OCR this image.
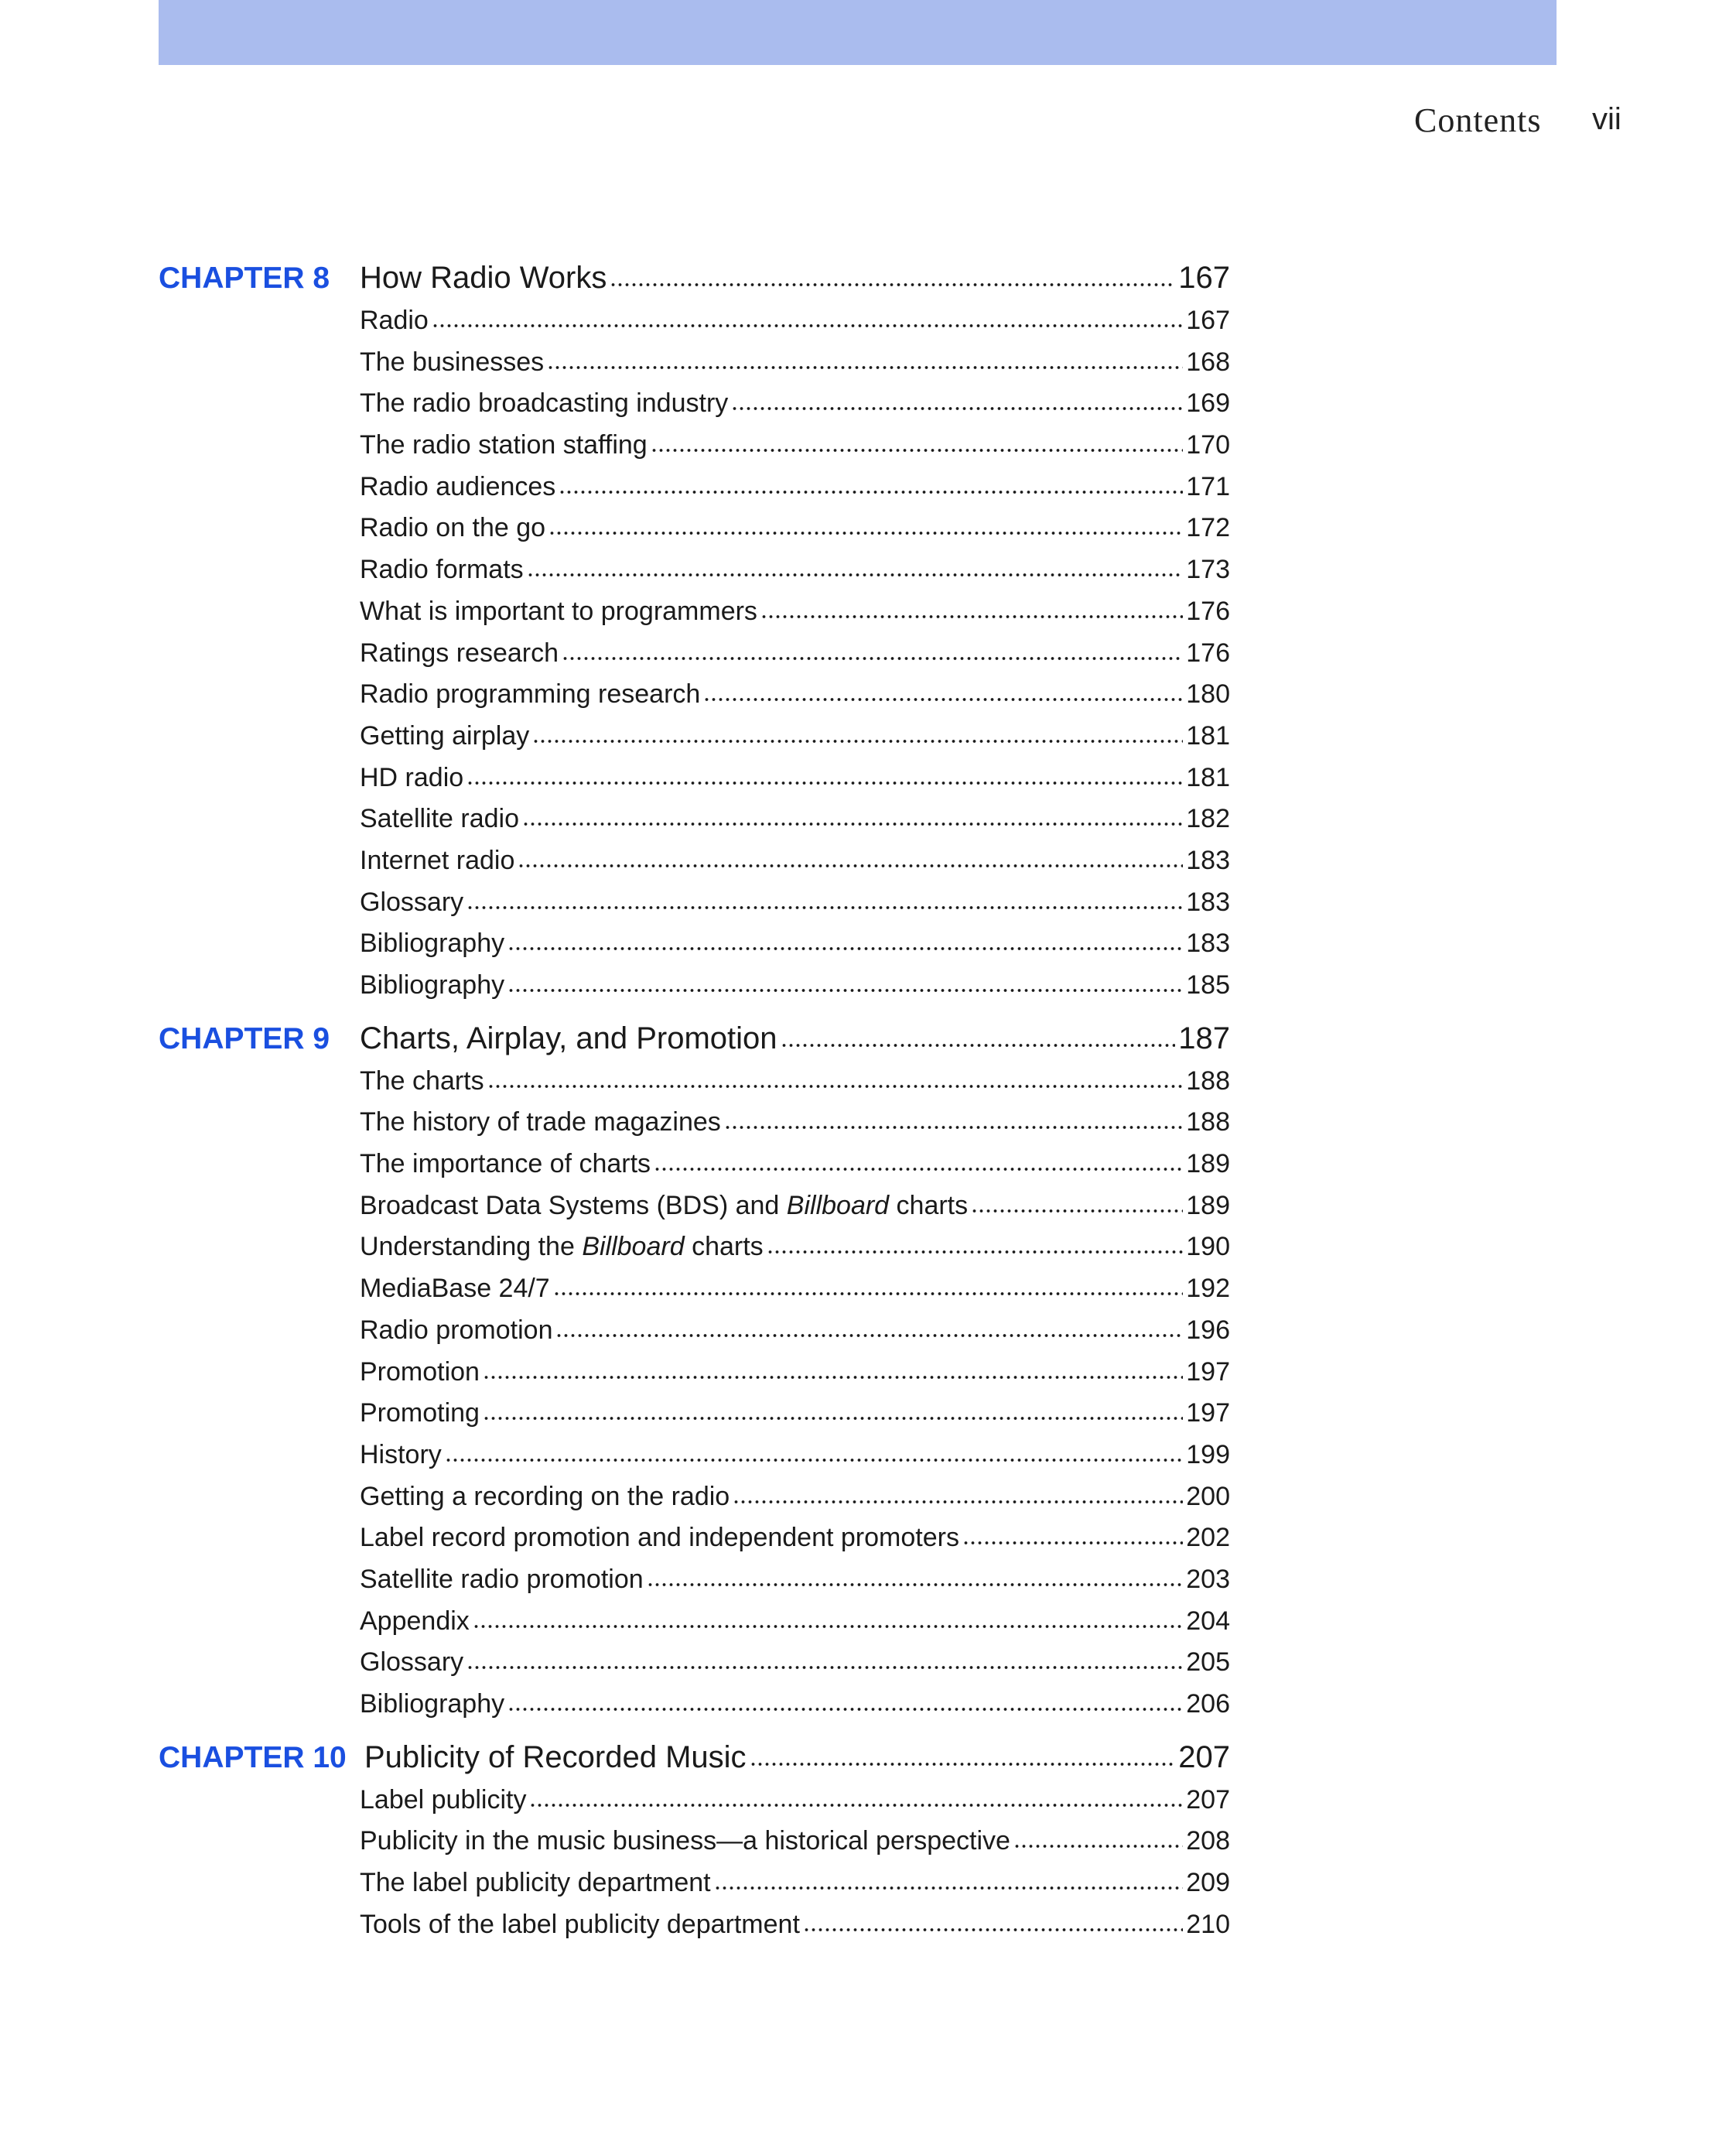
Contents vii
CHAPTER 8 How Radio Works	167
Radio	167
The businesses	168
The radio broadcasting industry	169
The radio station staffing	170
Radio audiences	171
Radio on the go	172
Radio formats	173
What is important to programmers	176
Ratings research	176
Radio programming research	180
Getting airplay	181
HD radio	181
Satellite radio	182
Internet radio	183
Glossary	183
Bibliography	183
Bibliography	185
CHAPTER 9 Charts, Airplay, and Promotion	187
The charts	188
The history of trade magazines	188
The importance of charts	189
Broadcast Data Systems (BDS) and Billboard charts	189
Understanding the Billboard charts	190
MediaBase 24/7	192
Radio promotion	196
Promotion	197
Promoting	197
History	199
Getting a recording on the radio	200
Label record promotion and independent promoters	202
Satellite radio promotion	203
Appendix	204
Glossary	205
Bibliography	206
CHAPTER 10 Publicity of Recorded Music	207
Label publicity	207
Publicity in the music business—a historical perspective	208
The label publicity department	209
Tools of the label publicity department	210
